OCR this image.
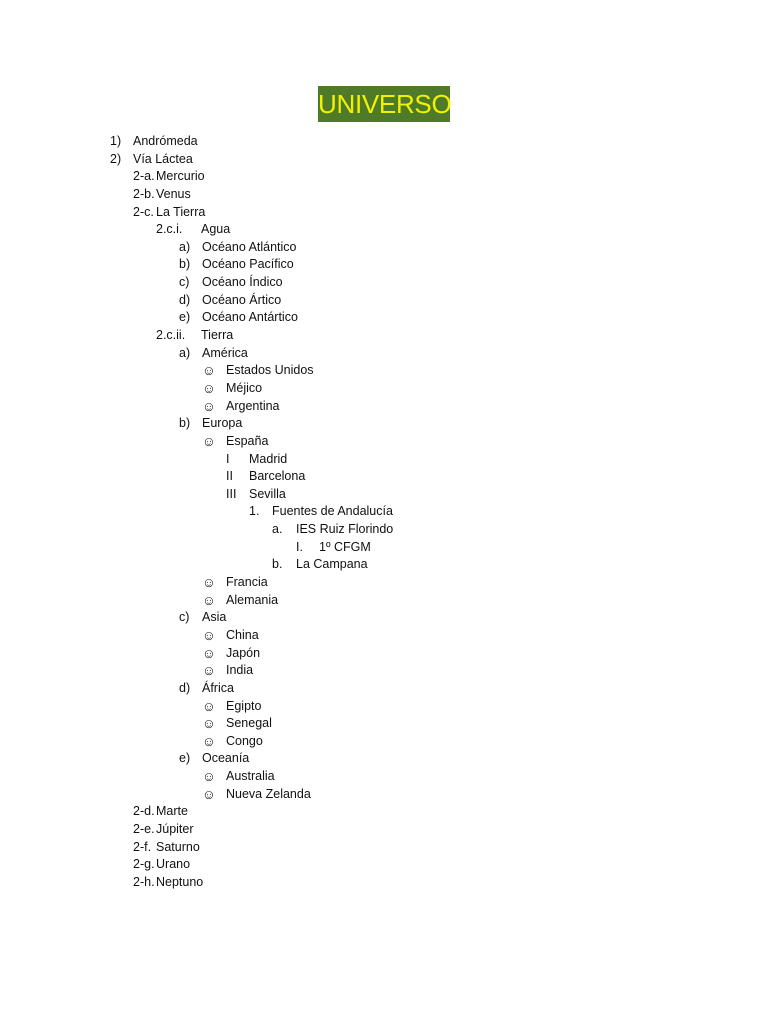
UNIVERSO
1) Andrómeda
2) Vía Láctea
2-a. Mercurio
2-b. Venus
2-c. La Tierra
2.c.i. Agua
a) Océano Atlántico
b) Océano Pacífico
c) Océano Índico
d) Océano Ártico
e) Océano Antártico
2.c.ii. Tierra
a) América
☺ Estados Unidos
☺ Méjico
☺ Argentina
b) Europa
☺ España
I Madrid
II Barcelona
III Sevilla
1. Fuentes de Andalucía
a. IES Ruiz Florindo
I. 1º CFGM
b. La Campana
☺ Francia
☺ Alemania
c) Asia
☺ China
☺ Japón
☺ India
d) África
☺ Egipto
☺ Senegal
☺ Congo
e) Oceanía
☺ Australia
☺ Nueva Zelanda
2-d. Marte
2-e. Júpiter
2-f. Saturno
2-g. Urano
2-h. Neptuno
